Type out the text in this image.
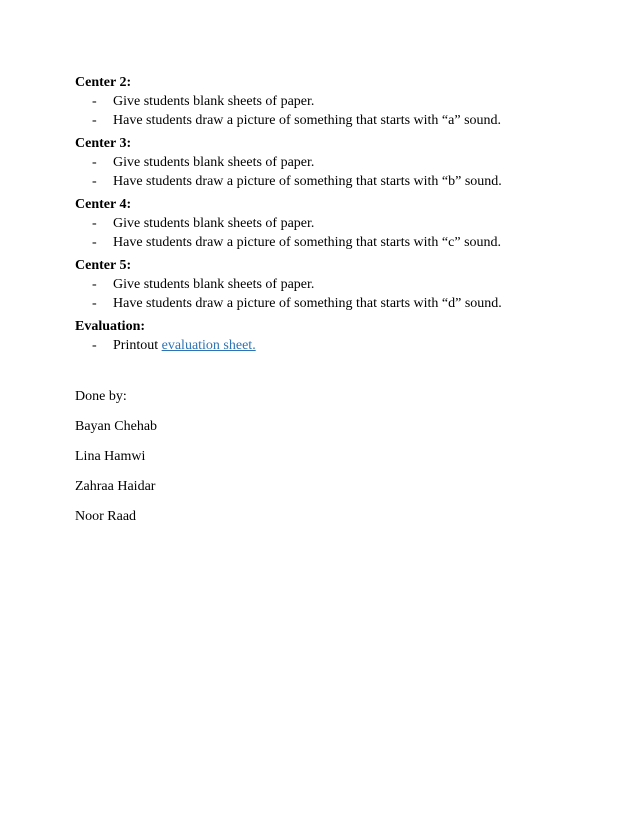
Center 2:

- Give students blank sheets of paper.
- Have students draw a picture of something that starts with “a” sound.

Center 3:

- Give students blank sheets of paper.
- Have students draw a picture of something that starts with “b” sound.

Center 4:

- Give students blank sheets of paper.
- Have students draw a picture of something that starts with “c” sound.

Center 5:

- Give students blank sheets of paper.
- Have students draw a picture of something that starts with “d” sound.

Evaluation:

- Printout evaluation sheet.

Done by:

Bayan Chehab

Lina Hamwi

Zahraa Haidar

Noor Raad
